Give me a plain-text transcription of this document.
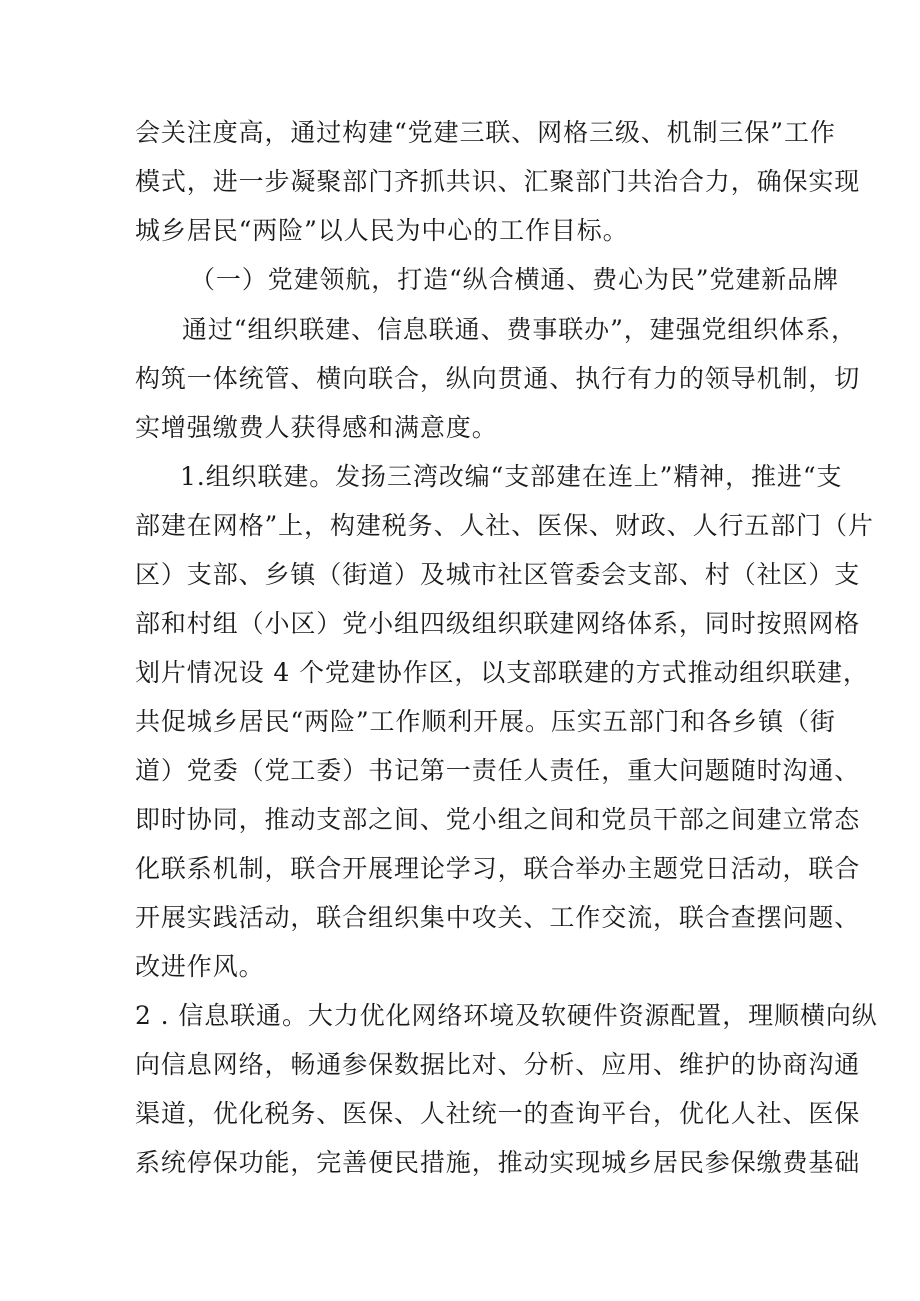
会关注度高，通过构建“党建三联、网格三级、机制三保”工作
模式，进一步凝聚部门齐抓共识、汇聚部门共治合力，确保实现
城乡居民“两险”以人民为中心的工作目标。
（一）党建领航，打造“纵合横通、费心为民”党建新品牌
通过“组织联建、信息联通、费事联办”，建强党组织体系，
构筑一体统管、横向联合，纵向贯通、执行有力的领导机制，切
实增强缴费人获得感和满意度。
1.组织联建。发扬三湾改编“支部建在连上”精神，推进“支
部建在网格”上，构建税务、人社、医保、财政、人行五部门（片
区）支部、乡镇（街道）及城市社区管委会支部、村（社区）支
部和村组（小区）党小组四级组织联建网络体系，同时按照网格
划片情况设 4 个党建协作区，以支部联建的方式推动组织联建，
共促城乡居民“两险”工作顺利开展。压实五部门和各乡镇（街
道）党委（党工委）书记第一责任人责任，重大问题随时沟通、
即时协同，推动支部之间、党小组之间和党员干部之间建立常态
化联系机制，联合开展理论学习，联合举办主题党日活动，联合
开展实践活动，联合组织集中攻关、工作交流，联合查摆问题、
改进作风。
2 . 信息联通。大力优化网络环境及软硬件资源配置，理顺横向纵
向信息网络，畅通参保数据比对、分析、应用、维护的协商沟通
渠道，优化税务、医保、人社统一的查询平台，优化人社、医保
系统停保功能，完善便民措施，推动实现城乡居民参保缴费基础
